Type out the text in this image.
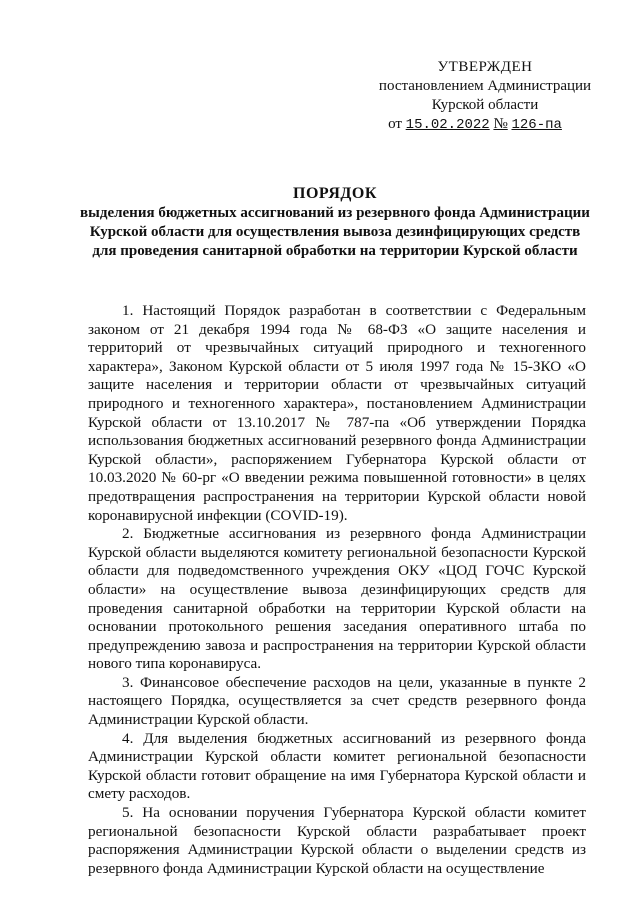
УТВЕРЖДЕН
постановлением Администрации
Курской области
от 15.02.2022 № 126-па
ПОРЯДОК
выделения бюджетных ассигнований из резервного фонда Администрации Курской области для осуществления вывоза дезинфицирующих средств для проведения санитарной обработки на территории Курской области

1. Настоящий Порядок разработан в соответствии с Федеральным законом от 21 декабря 1994 года № 68-ФЗ «О защите населения и территорий от чрезвычайных ситуаций природного и техногенного характера», Законом Курской области от 5 июля 1997 года № 15-ЗКО «О защите населения и территории области от чрезвычайных ситуаций природного и техногенного характера», постановлением Администрации Курской области от 13.10.2017 № 787-па «Об утверждении Порядка использования бюджетных ассигнований резервного фонда Администрации Курской области», распоряжением Губернатора Курской области от 10.03.2020 № 60-рг «О введении режима повышенной готовности» в целях предотвращения распространения на территории Курской области новой коронавирусной инфекции (COVID-19).

2. Бюджетные ассигнования из резервного фонда Администрации Курской области выделяются комитету региональной безопасности Курской области для подведомственного учреждения ОКУ «ЦОД ГОЧС Курской области» на осуществление вывоза дезинфицирующих средств для проведения санитарной обработки на территории Курской области на основании протокольного решения заседания оперативного штаба по предупреждению завоза и распространения на территории Курской области нового типа коронавируса.

3. Финансовое обеспечение расходов на цели, указанные в пункте 2 настоящего Порядка, осуществляется за счет средств резервного фонда Администрации Курской области.

4. Для выделения бюджетных ассигнований из резервного фонда Администрации Курской области комитет региональной безопасности Курской области готовит обращение на имя Губернатора Курской области и смету расходов.

5. На основании поручения Губернатора Курской области комитет региональной безопасности Курской области разрабатывает проект распоряжения Администрации Курской области о выделении средств из резервного фонда Администрации Курской области на осуществление
